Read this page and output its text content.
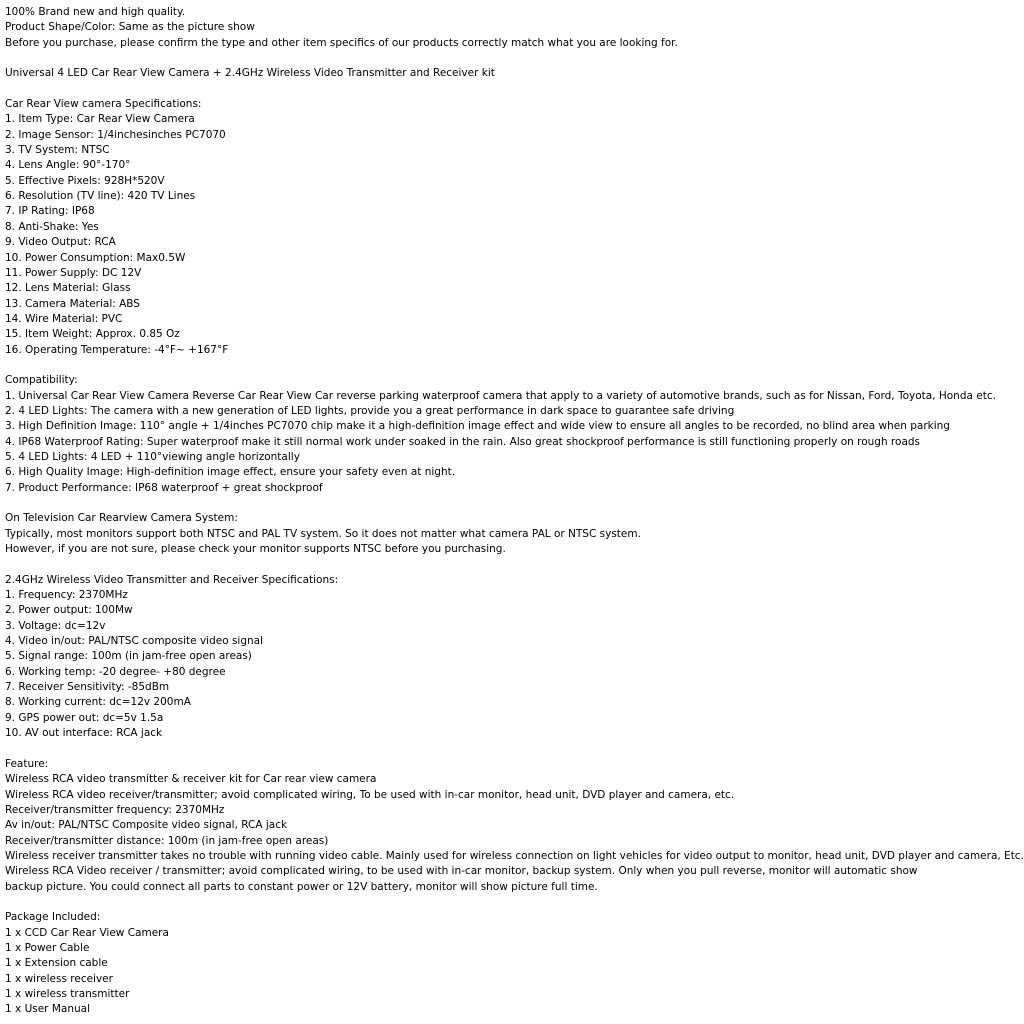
100% Brand new and high quality.
Product Shape/Color: Same as the picture show
Before you purchase, please confirm the type and other item specifics of our products correctly match what you are looking for.
Universal 4 LED Car Rear View Camera + 2.4GHz Wireless Video Transmitter and Receiver kit
Car Rear View camera Specifications:
1. Item Type: Car Rear View Camera
2. Image Sensor: 1/4inchesinches PC7070
3. TV System: NTSC
4. Lens Angle: 90°-170°
5. Effective Pixels: 928H*520V
6. Resolution (TV line): 420 TV Lines
7. IP Rating: IP68
8. Anti-Shake: Yes
9. Video Output: RCA
10. Power Consumption: Max0.5W
11. Power Supply: DC 12V
12. Lens Material: Glass
13. Camera Material: ABS
14. Wire Material: PVC
15. Item Weight: Approx. 0.85 Oz
16. Operating Temperature: -4°F~ +167°F
Compatibility:
1. Universal Car Rear View Camera Reverse Car Rear View Car reverse parking waterproof camera that apply to a variety of automotive brands, such as for Nissan, Ford, Toyota, Honda etc.
2. 4 LED Lights: The camera with a new generation of LED lights, provide you a great performance in dark space to guarantee safe driving
3. High Definition Image: 110° angle + 1/4inches PC7070 chip make it a high-definition image effect and wide view to ensure all angles to be recorded, no blind area when parking
4. IP68 Waterproof Rating: Super waterproof make it still normal work under soaked in the rain. Also great shockproof performance is still functioning properly on rough roads
5. 4 LED Lights: 4 LED + 110°viewing angle horizontally
6. High Quality Image: High-definition image effect, ensure your safety even at night.
7. Product Performance: IP68 waterproof + great shockproof
On Television Car Rearview Camera System:
Typically, most monitors support both NTSC and PAL TV system. So it does not matter what camera PAL or NTSC system.
However, if you are not sure, please check your monitor supports NTSC before you purchasing.
2.4GHz Wireless Video Transmitter and Receiver Specifications:
1. Frequency: 2370MHz
2. Power output: 100Mw
3. Voltage: dc=12v
4. Video in/out: PAL/NTSC composite video signal
5. Signal range: 100m (in jam-free open areas)
6. Working temp: -20 degree- +80 degree
7. Receiver Sensitivity: -85dBm
8. Working current: dc=12v 200mA
9. GPS power out: dc=5v 1.5a
10. AV out interface: RCA jack
Feature:
Wireless RCA video transmitter & receiver kit for Car rear view camera
Wireless RCA video receiver/transmitter; avoid complicated wiring, To be used with in-car monitor, head unit, DVD player and camera, etc.
Receiver/transmitter frequency: 2370MHz
Av in/out: PAL/NTSC Composite video signal, RCA jack
Receiver/transmitter distance: 100m (in jam-free open areas)
Wireless receiver transmitter takes no trouble with running video cable. Mainly used for wireless connection on light vehicles for video output to monitor, head unit, DVD player and camera, Etc.
Wireless RCA Video receiver / transmitter; avoid complicated wiring, to be used with in-car monitor, backup system. Only when you pull reverse, monitor will automatic show backup picture. You could connect all parts to constant power or 12V battery, monitor will show picture full time.
Package Included:
1 x CCD Car Rear View Camera
1 x Power Cable
1 x Extension cable
1 x wireless receiver
1 x wireless transmitter
1 x User Manual
